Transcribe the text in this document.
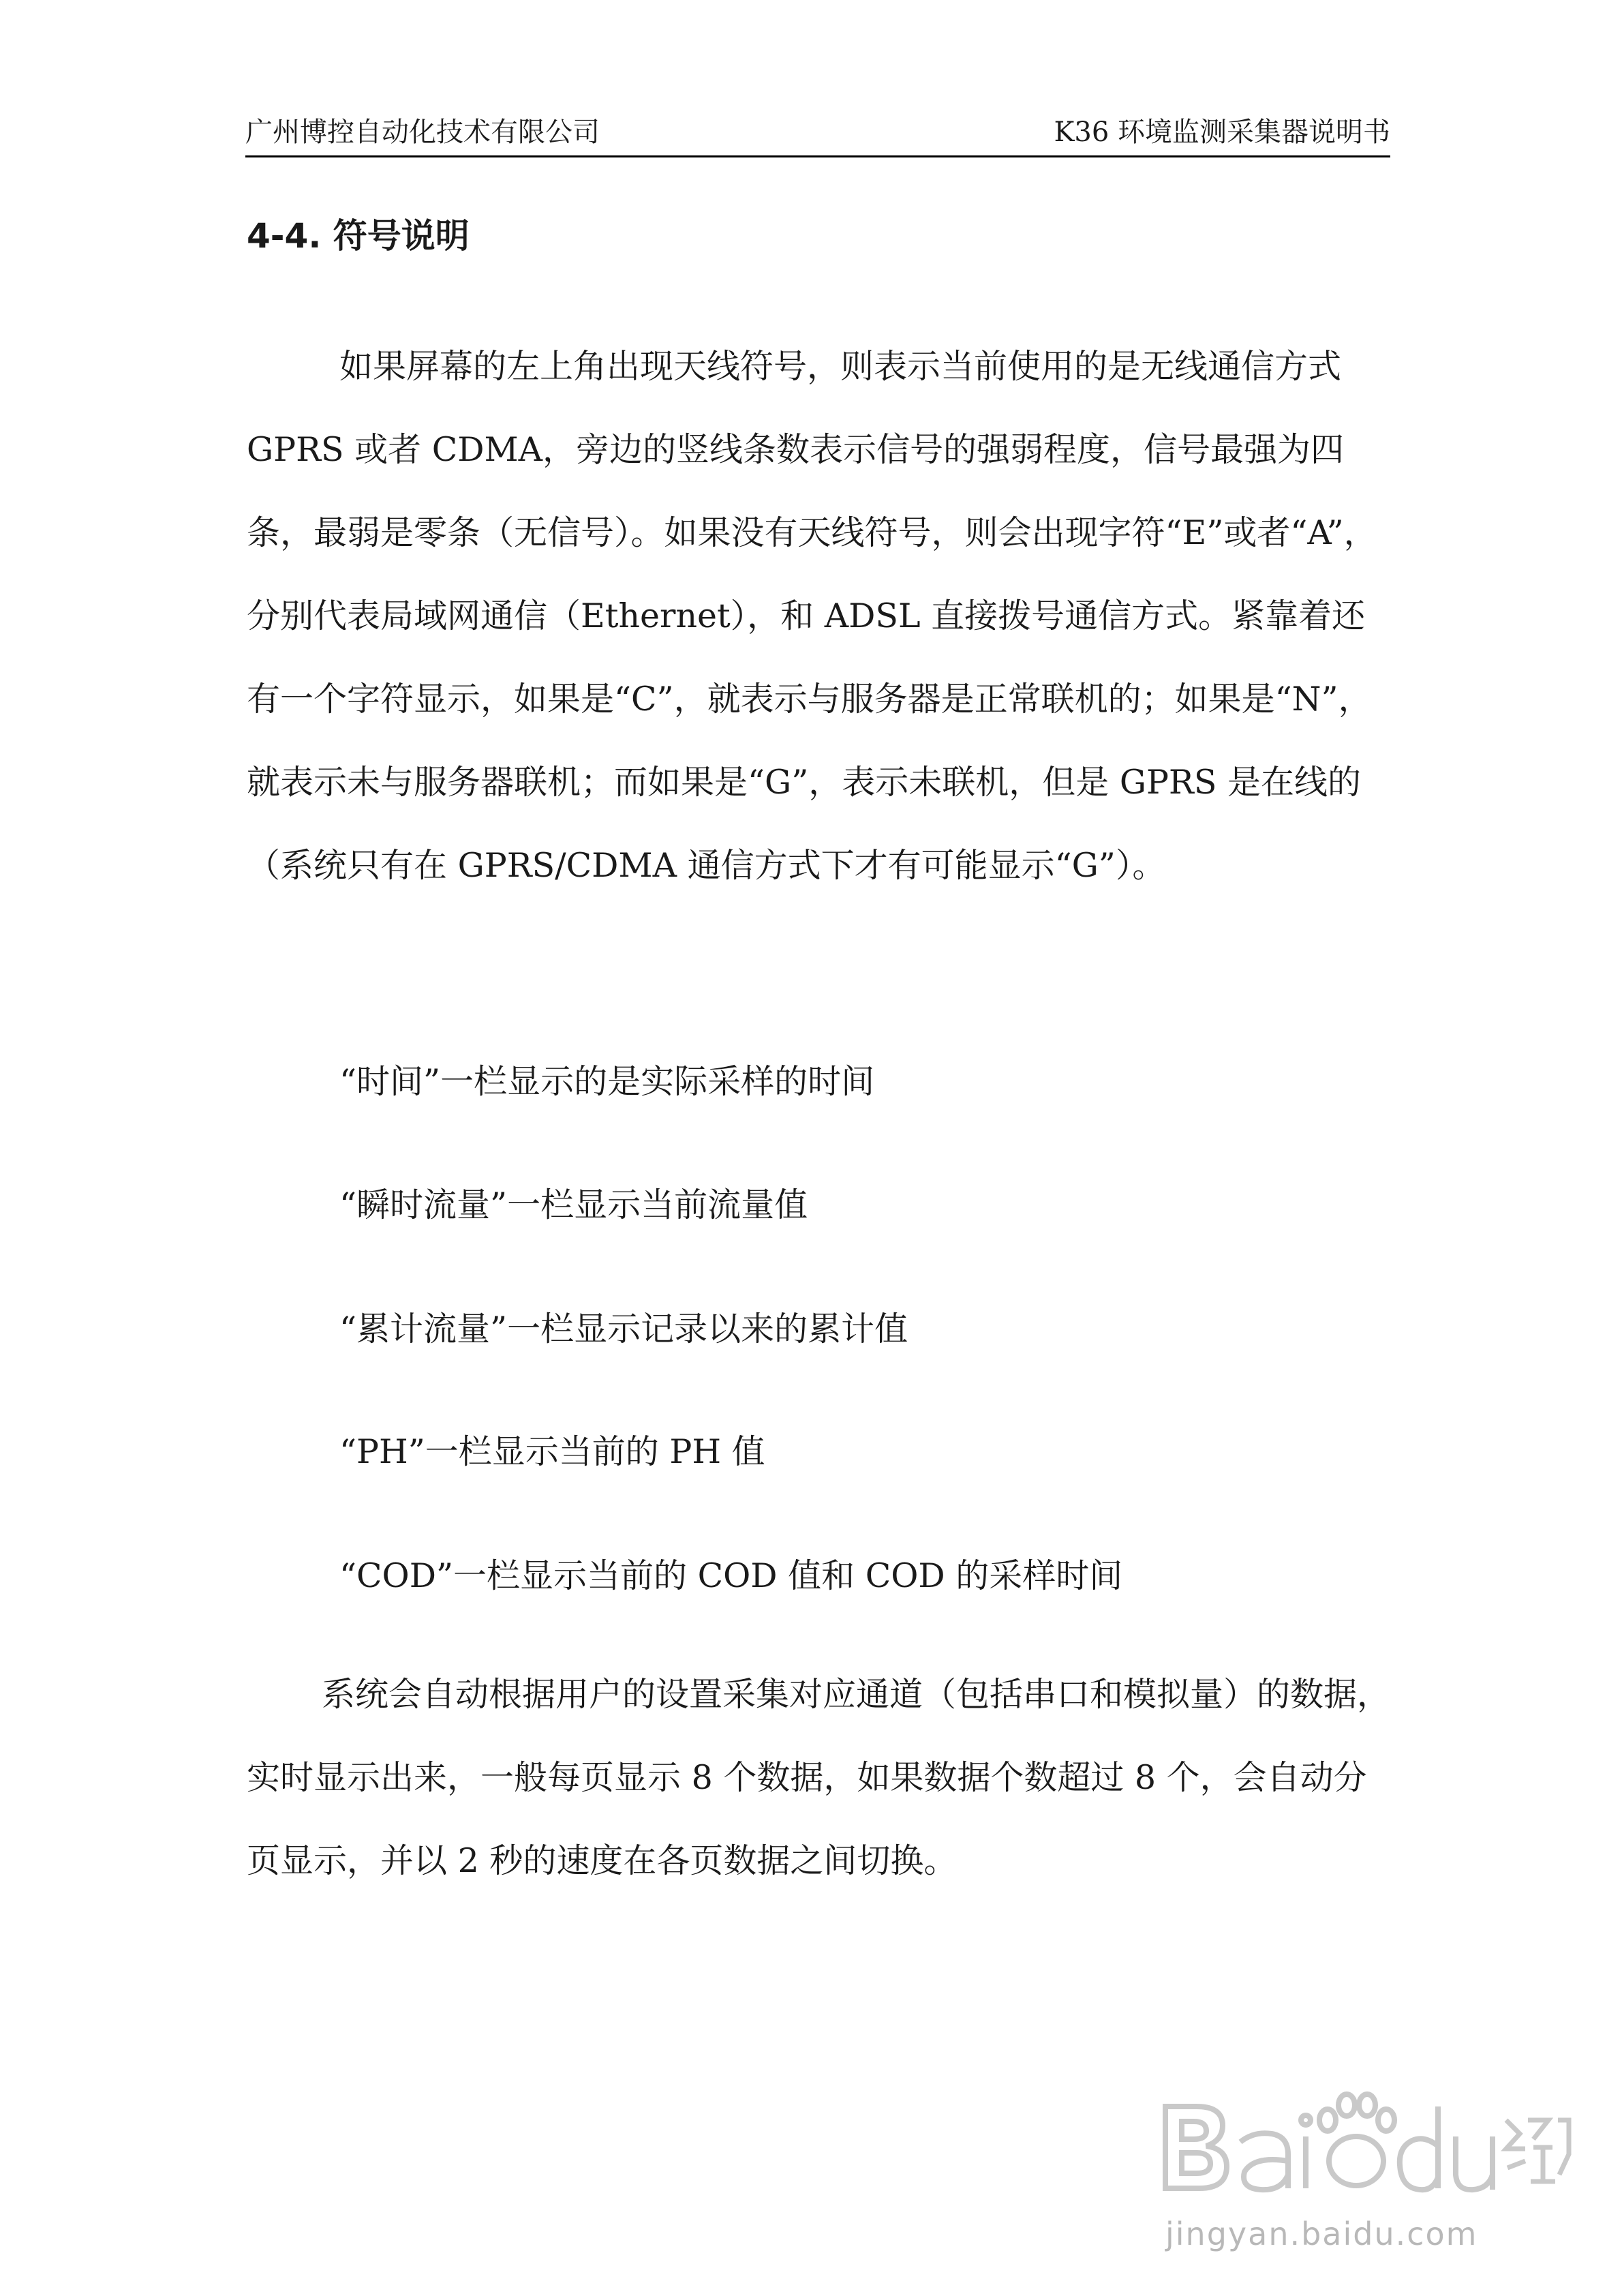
广州博控自动化技术有限公司	K36 环境监测采集器说明书
4-4. 符号说明

如果屏幕的左上角出现天线符号，则表示当前使用的是无线通信方式 GPRS 或者 CDMA，旁边的竖线条数表示信号的强弱程度，信号最强为四条，最弱是零条（无信号）。如果没有天线符号，则会出现字符“E”或者“A”，分别代表局域网通信（Ethernet），和 ADSL 直接拨号通信方式。紧靠着还有一个字符显示，如果是“C”，就表示与服务器是正常联机的；如果是“N”，就表示未与服务器联机；而如果是“G”，表示未联机，但是 GPRS 是在线的（系统只有在 GPRS/CDMA 通信方式下才有可能显示“G”）。

“时间”一栏显示的是实际采样的时间

“瞬时流量”一栏显示当前流量值

“累计流量”一栏显示记录以来的累计值

“PH”一栏显示当前的 PH 值

“COD”一栏显示当前的 COD 值和 COD 的采样时间

系统会自动根据用户的设置采集对应通道（包括串口和模拟量）的数据，实时显示出来，一般每页显示 8 个数据，如果数据个数超过 8 个，会自动分页显示，并以 2 秒的速度在各页数据之间切换。

jingyan.baidu.com
